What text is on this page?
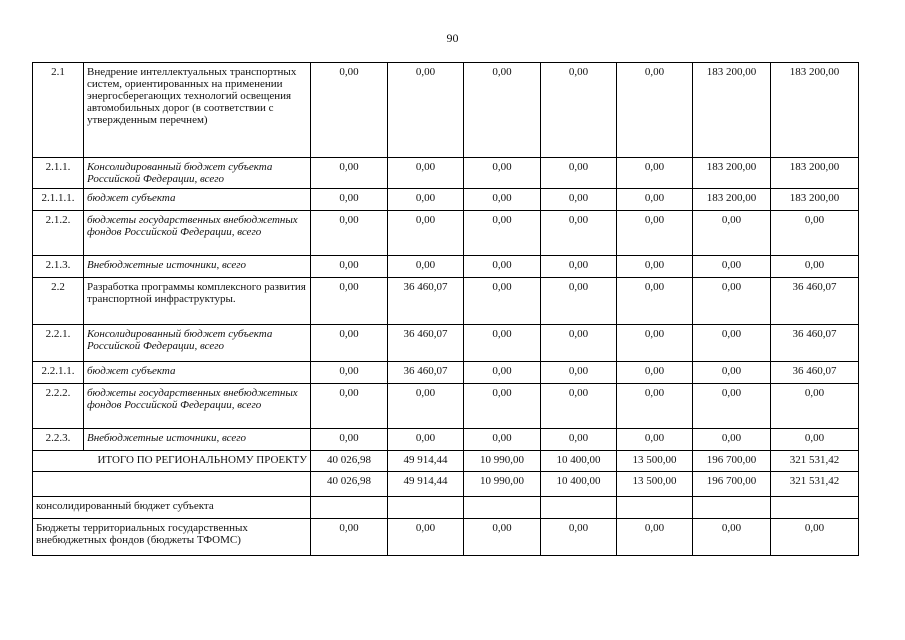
90
2.1	Внедрение интеллектуальных транспортных систем, ориентированных на применении энергосберегающих технологий освещения автомобильных дорог (в соответствии с утвержденным перечнем)	0,00	0,00	0,00	0,00	0,00	183 200,00	183 200,00
2.1.1.	Консолидированный бюджет субъекта Российской Федерации, всего	0,00	0,00	0,00	0,00	0,00	183 200,00	183 200,00
2.1.1.1.	бюджет субъекта	0,00	0,00	0,00	0,00	0,00	183 200,00	183 200,00
2.1.2.	бюджеты государственных внебюджетных фондов Российской Федерации, всего	0,00	0,00	0,00	0,00	0,00	0,00	0,00
2.1.3.	Внебюджетные источники, всего	0,00	0,00	0,00	0,00	0,00	0,00	0,00
2.2	Разработка программы комплексного развития транспортной инфраструктуры.	0,00	36 460,07	0,00	0,00	0,00	0,00	36 460,07
2.2.1.	Консолидированный бюджет субъекта Российской Федерации, всего	0,00	36 460,07	0,00	0,00	0,00	0,00	36 460,07
2.2.1.1.	бюджет субъекта	0,00	36 460,07	0,00	0,00	0,00	0,00	36 460,07
2.2.2.	бюджеты государственных внебюджетных фондов Российской Федерации, всего	0,00	0,00	0,00	0,00	0,00	0,00	0,00
2.2.3.	Внебюджетные источники, всего	0,00	0,00	0,00	0,00	0,00	0,00	0,00
ИТОГО ПО РЕГИОНАЛЬНОМУ ПРОЕКТУ		40 026,98	49 914,44	10 990,00	10 400,00	13 500,00	196 700,00	321 531,42
		40 026,98	49 914,44	10 990,00	10 400,00	13 500,00	196 700,00	321 531,42
консолидированный бюджет субъекта								
Бюджеты территориальных государственных внебюджетных фондов (бюджеты ТФОМС)		0,00	0,00	0,00	0,00	0,00	0,00	0,00
